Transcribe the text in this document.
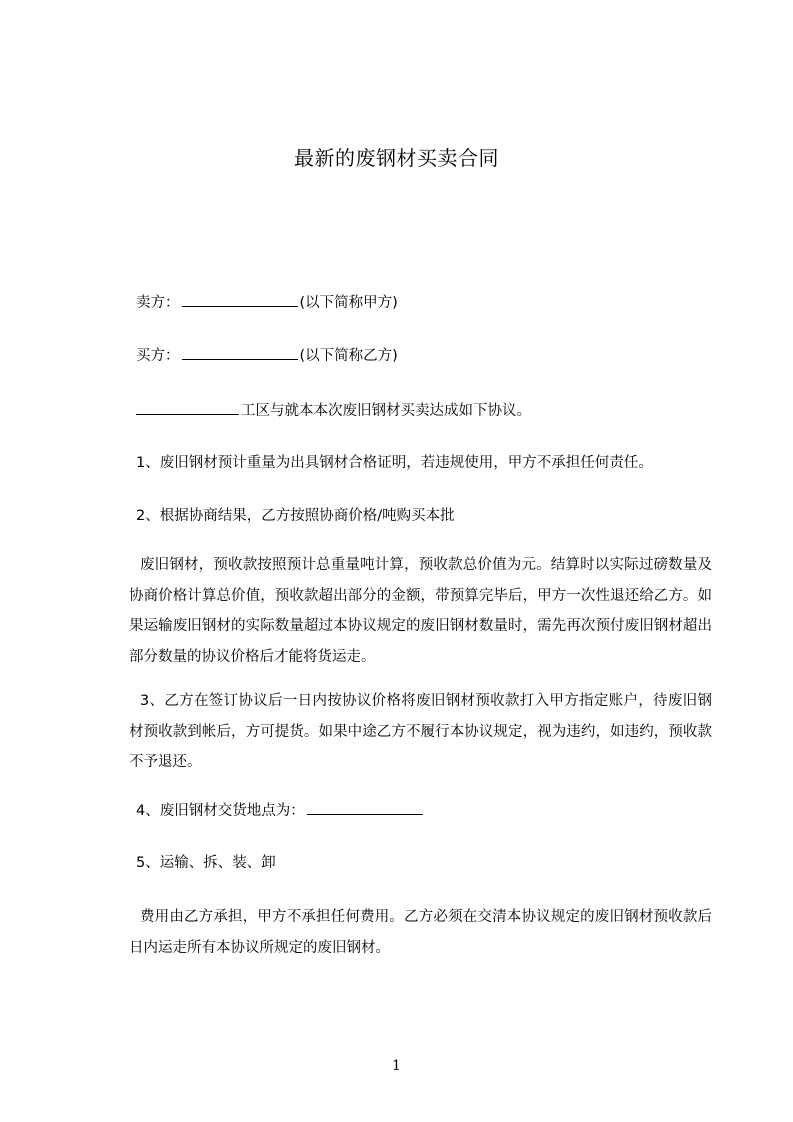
最新的废钢材买卖合同
卖方：	(以下简称甲方)
买方：	(以下简称乙方)
工区与就本本次废旧钢材买卖达成如下协议。
1、废旧钢材预计重量为出具钢材合格证明，若违规使用，甲方不承担任何责任。
2、根据协商结果，乙方按照协商价格/吨购买本批
废旧钢材，预收款按照预计总重量吨计算，预收款总价值为元。结算时以实际过磅数量及协商价格计算总价值，预收款超出部分的金额，带预算完毕后，甲方一次性退还给乙方。如果运输废旧钢材的实际数量超过本协议规定的废旧钢材数量时，需先再次预付废旧钢材超出部分数量的协议价格后才能将货运走。
3、乙方在签订协议后一日内按协议价格将废旧钢材预收款打入甲方指定账户，待废旧钢材预收款到帐后，方可提货。如果中途乙方不履行本协议规定，视为违约，如违约，预收款不予退还。
4、废旧钢材交货地点为：
5、运输、拆、装、卸
费用由乙方承担，甲方不承担任何费用。乙方必须在交清本协议规定的废旧钢材预收款后日内运走所有本协议所规定的废旧钢材。
1
